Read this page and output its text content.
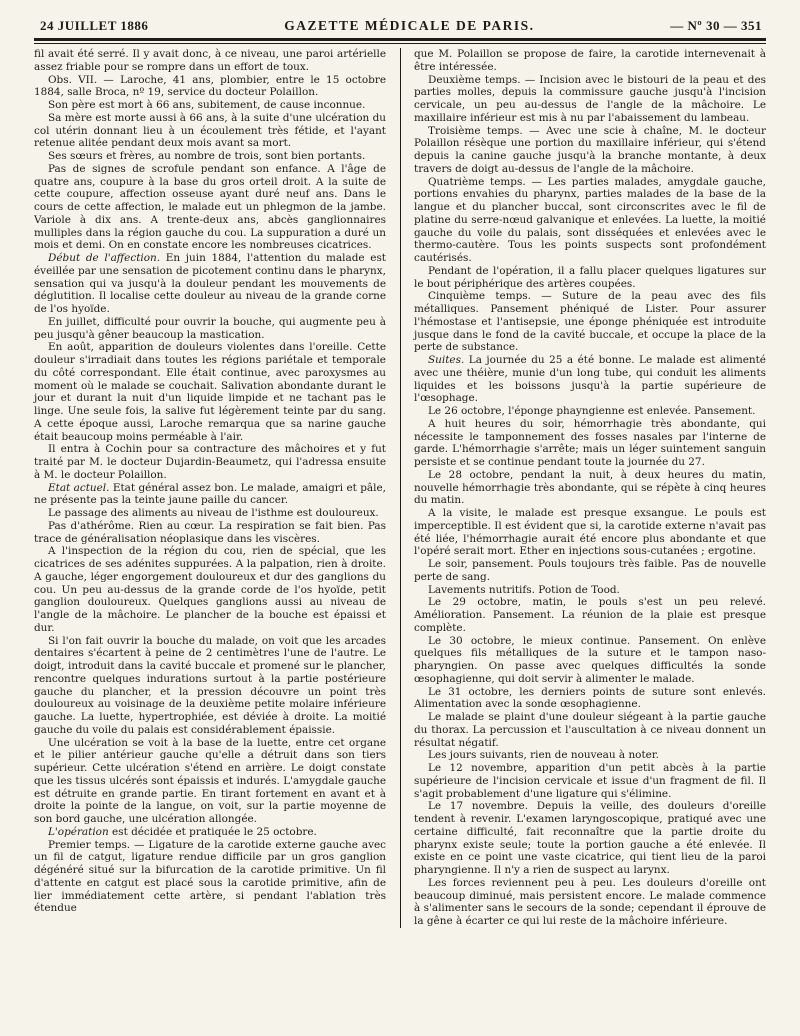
24 JUILLET 1886	GAZETTE MÉDICALE DE PARIS.	— Nº 30 — 351

fil avait été serré. Il y avait donc, à ce niveau, une paroi artérielle assez friable pour se rompre dans un effort de toux.

Obs. VII. — Laroche, 41 ans, plombier, entre le 15 octobre 1884, salle Broca, nº 19, service du docteur Polaillon.

Son père est mort à 66 ans, subitement, de cause inconnue.

Sa mère est morte aussi à 66 ans, à la suite d'une ulcération du col utérin donnant lieu à un écoulement très fétide, et l'ayant retenue alitée pendant deux mois avant sa mort.

Ses sœurs et frères, au nombre de trois, sont bien portants.

Pas de signes de scrofule pendant son enfance. A l'âge de quatre ans, coupure à la base du gros orteil droit. A la suite de cette coupure, affection osseuse ayant duré neuf ans. Dans le cours de cette affection, le malade eut un phlegmon de la jambe. Variole à dix ans. A trente-deux ans, abcès ganglionnaires mulliples dans la région gauche du cou. La suppuration a duré un mois et demi. On en constate encore les nombreuses cicatrices.

Début de l'affection. En juin 1884, l'attention du malade est éveillée par une sensation de picotement continu dans le pharynx, sensation qui va jusqu'à la douleur pendant les mouvements de déglutition. Il localise cette douleur au niveau de la grande corne de l'os hyoïde.

En juillet, difficulté pour ouvrir la bouche, qui augmente peu à peu jusqu'à gêner beaucoup la mastication.

En août, apparition de douleurs violentes dans l'oreille. Cette douleur s'irradiait dans toutes les régions pariétale et temporale du côté correspondant. Elle était continue, avec paroxysmes au moment où le malade se couchait. Salivation abondante durant le jour et durant la nuit d'un liquide limpide et ne tachant pas le linge. Une seule fois, la salive fut légèrement teinte par du sang. A cette époque aussi, Laroche remarqua que sa narine gauche était beaucoup moins perméable à l'air.

Il entra à Cochin pour sa contracture des mâchoires et y fut traité par M. le docteur Dujardin-Beaumetz, qui l'adressa ensuite à M. le docteur Polaillon.

Etat actuel. Etat général assez bon. Le malade, amaigri et pâle, ne présente pas la teinte jaune paille du cancer.

Le passage des aliments au niveau de l'isthme est douloureux.

Pas d'athérôme. Rien au cœur. La respiration se fait bien. Pas trace de généralisation néoplasique dans les viscères.

A l'inspection de la région du cou, rien de spécial, que les cicatrices de ses adénites suppurées. A la palpation, rien à droite. A gauche, léger engorgement douloureux et dur des ganglions du cou. Un peu au-dessus de la grande corde de l'os hyoïde, petit ganglion douloureux. Quelques ganglions aussi au niveau de l'angle de la mâchoire. Le plancher de la bouche est épaissi et dur.

Si l'on fait ouvrir la bouche du malade, on voit que les arcades dentaires s'écartent à peine de 2 centimètres l'une de l'autre. Le doigt, introduit dans la cavité buccale et promené sur le plancher, rencontre quelques indurations surtout à la partie postérieure gauche du plancher, et la pression découvre un point très douloureux au voisinage de la deuxième petite molaire inférieure gauche. La luette, hypertrophiée, est déviée à droite. La moitié gauche du voile du palais est considérablement épaissie.

Une ulcération se voit à la base de la luette, entre cet organe et le pilier antérieur gauche qu'elle a détruit dans son tiers supérieur. Cette ulcération s'étend en arrière. Le doigt constate que les tissus ulcérés sont épaissis et indurés. L'amygdale gauche est détruite en grande partie. En tirant fortement en avant et à droite la pointe de la langue, on voit, sur la partie moyenne de son bord gauche, une ulcération allongée.

L'opération est décidée et pratiquée le 25 octobre.

Premier temps. — Ligature de la carotide externe gauche avec un fil de catgut, ligature rendue difficile par un gros ganglion dégénéré situé sur la bifurcation de la carotide primitive. Un fil d'attente en catgut est placé sous la carotide primitive, afin de lier immédiatement cette artère, si pendant l'ablation très étendue

que M. Polaillon se propose de faire, la carotide internevenait à être intéressée.

Deuxième temps. — Incision avec le bistouri de la peau et des parties molles, depuis la commissure gauche jusqu'à l'incision cervicale, un peu au-dessus de l'angle de la mâchoire. Le maxillaire inférieur est mis à nu par l'abaissement du lambeau.

Troisième temps. — Avec une scie à chaîne, M. le docteur Polaillon résèque une portion du maxillaire inférieur, qui s'étend depuis la canine gauche jusqu'à la branche montante, à deux travers de doigt au-dessus de l'angle de la mâchoire.

Quatrième temps. — Les parties malades, amygdale gauche, portions envahies du pharynx, parties malades de la base de la langue et du plancher buccal, sont circonscrites avec le fil de platine du serre-nœud galvanique et enlevées. La luette, la moitié gauche du voile du palais, sont disséquées et enlevées avec le thermo-cautère. Tous les points suspects sont profondément cautérisés.

Pendant de l'opération, il a fallu placer quelques ligatures sur le bout périphérique des artères coupées.

Cinquième temps. — Suture de la peau avec des fils métalliques. Pansement phéniqué de Lister. Pour assurer l'hémostase et l'antisepsie, une éponge phéniquée est introduite jusque dans le fond de la cavité buccale, et occupe la place de la perte de substance.

Suites. La journée du 25 a été bonne. Le malade est alimenté avec une théière, munie d'un long tube, qui conduit les aliments liquides et les boissons jusqu'à la partie supérieure de l'œsophage.

Le 26 octobre, l'éponge phayngienne est enlevée. Pansement.

A huit heures du soir, hémorrhagie très abondante, qui nécessite le tamponnement des fosses nasales par l'interne de garde. L'hémorrhagie s'arrête; mais un léger suintement sanguin persiste et se continue pendant toute la journée du 27.

Le 28 octobre, pendant la nuit, à deux heures du matin, nouvelle hémorrhagie très abondante, qui se répète à cinq heures du matin.

A la visite, le malade est presque exsangue. Le pouls est imperceptible. Il est évident que si, la carotide externe n'avait pas été liée, l'hémorrhagie aurait été encore plus abondante et que l'opéré serait mort. Ether en injections sous-cutanées ; ergotine.

Le soir, pansement. Pouls toujours très faible. Pas de nouvelle perte de sang.

Lavements nutritifs. Potion de Tood.

Le 29 octobre, matin, le pouls s'est un peu relevé. Amélioration. Pansement. La réunion de la plaie est presque complète.

Le 30 octobre, le mieux continue. Pansement. On enlève quelques fils métalliques de la suture et le tampon naso-pharyngien. On passe avec quelques difficultés la sonde œsophagienne, qui doit servir à alimenter le malade.

Le 31 octobre, les derniers points de suture sont enlevés. Alimentation avec la sonde œsophagienne.

Le malade se plaint d'une douleur siégeant à la partie gauche du thorax. La percussion et l'auscultation à ce niveau donnent un résultat négatif.

Les jours suivants, rien de nouveau à noter.

Le 12 novembre, apparition d'un petit abcès à la partie supérieure de l'incision cervicale et issue d'un fragment de fil. Il s'agit probablement d'une ligature qui s'élimine.

Le 17 novembre. Depuis la veille, des douleurs d'oreille tendent à revenir. L'examen laryngoscopique, pratiqué avec une certaine difficulté, fait reconnaître que la partie droite du pharynx existe seule; toute la portion gauche a été enlevée. Il existe en ce point une vaste cicatrice, qui tient lieu de la paroi pharyngienne. Il n'y a rien de suspect au larynx.

Les forces reviennent peu à peu. Les douleurs d'oreille ont beaucoup diminué, mais persistent encore. Le malade commence à s'alimenter sans le secours de la sonde; cependant il éprouve de la gêne à écarter ce qui lui reste de la mâchoire inférieure.
